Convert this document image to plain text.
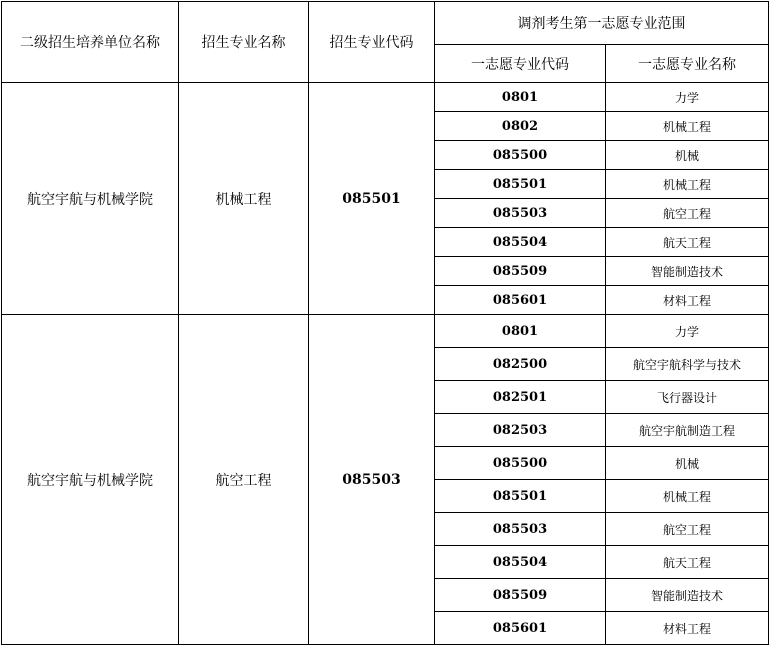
二级招生培养单位名称	招生专业名称	招生专业代码	调剂考生第一志愿专业范围	
			一志愿专业代码	一志愿专业名称
航空宇航与机械学院	机械工程	085501	0801	力学
			0802	机械工程
			085500	机械
			085501	机械工程
			085503	航空工程
			085504	航天工程
			085509	智能制造技术
			085601	材料工程
航空宇航与机械学院	航空工程	085503	0801	力学
			082500	航空宇航科学与技术
			082501	飞行器设计
			082503	航空宇航制造工程
			085500	机械
			085501	机械工程
			085503	航空工程
			085504	航天工程
			085509	智能制造技术
			085601	材料工程
